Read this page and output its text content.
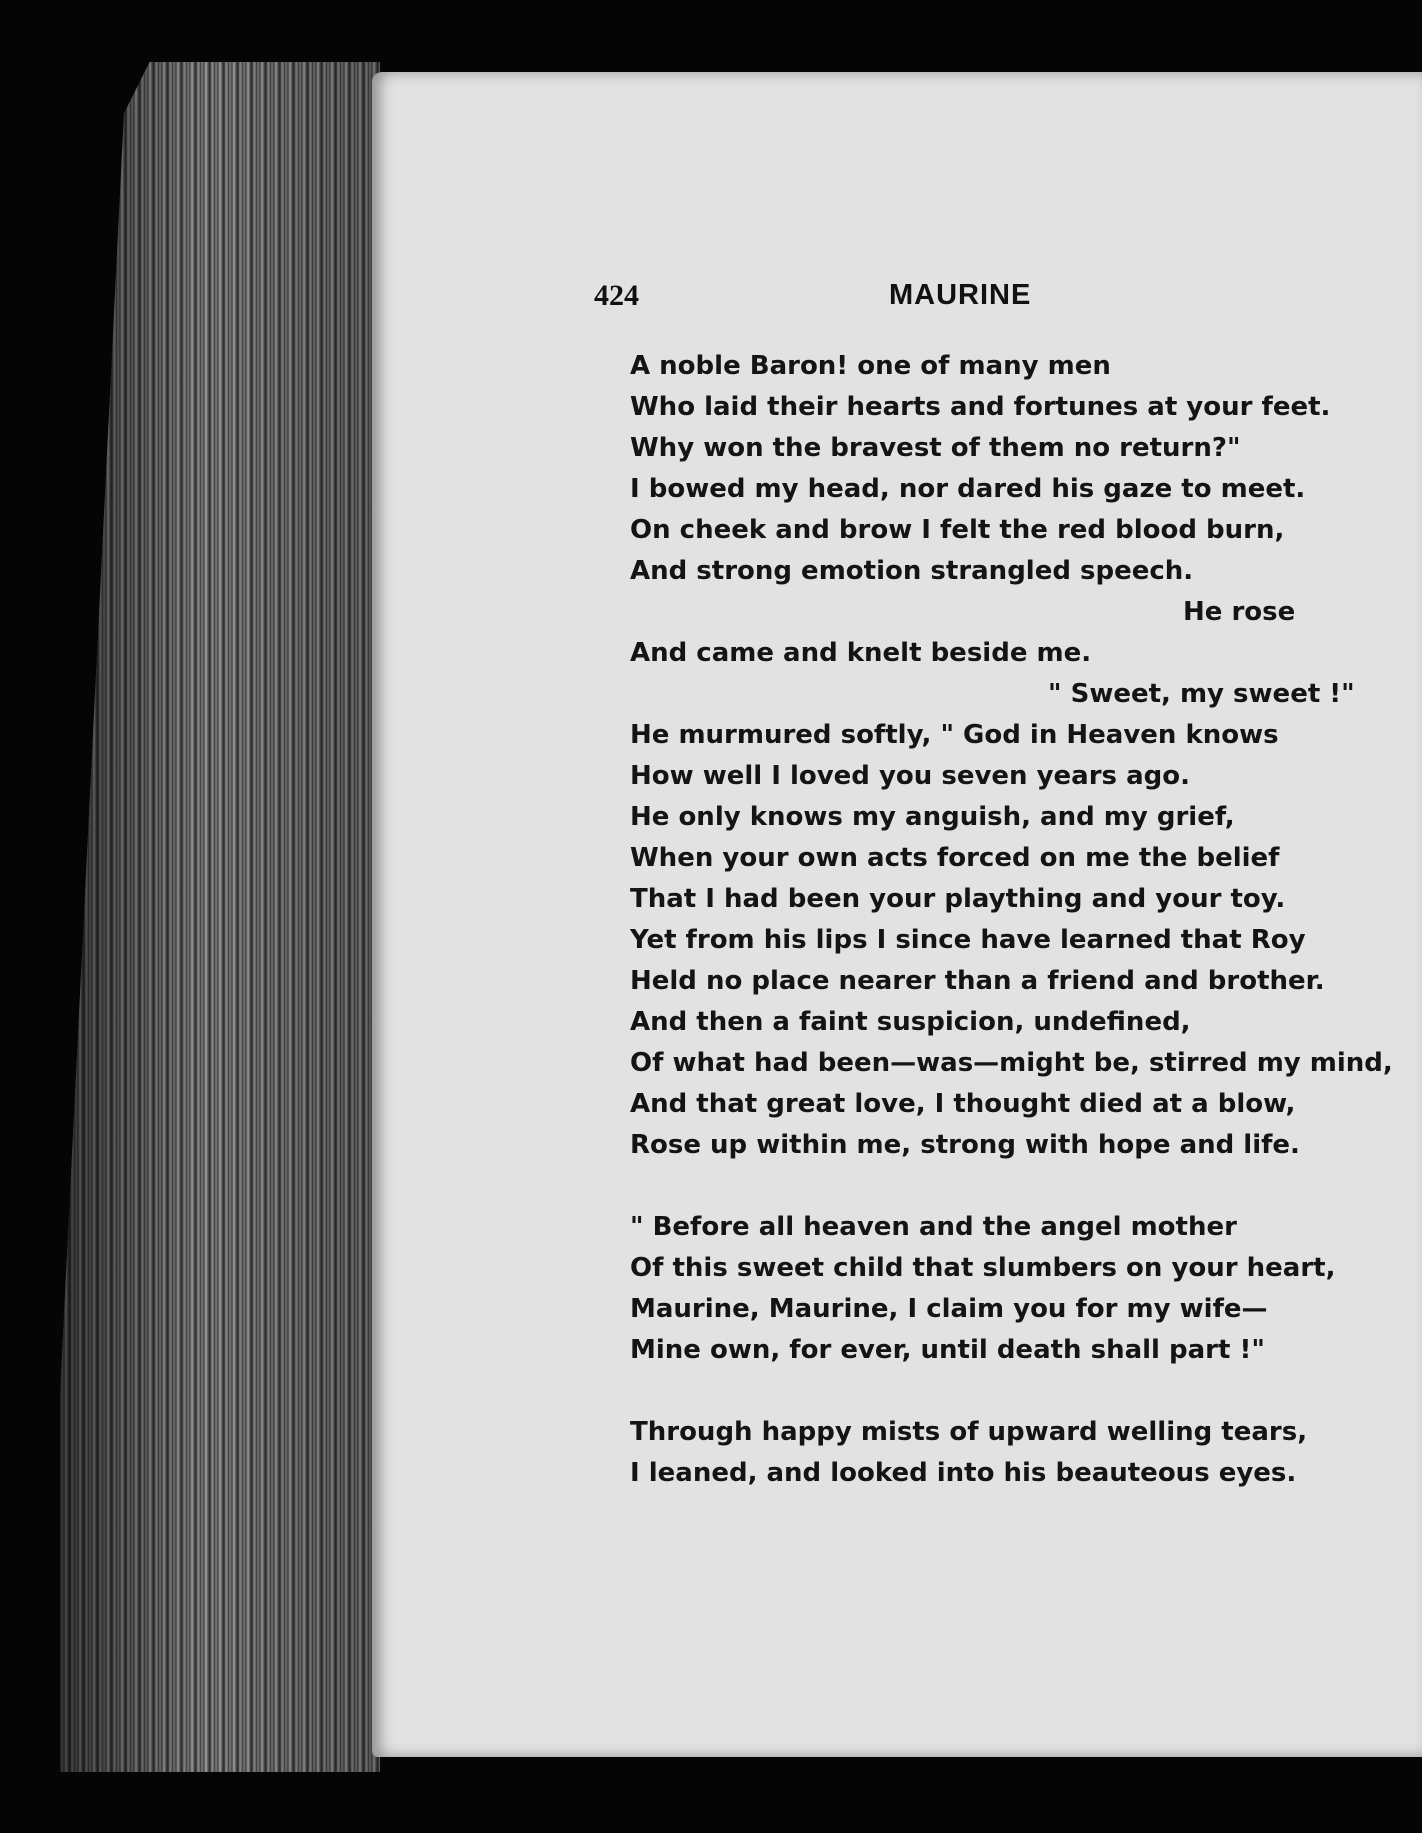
424	MAURINE
A noble Baron! one of many men
Who laid their hearts and fortunes at your feet.
Why won the bravest of them no return?"
I bowed my head, nor dared his gaze to meet.
On cheek and brow I felt the red blood burn,
And strong emotion strangled speech.
He rose
And came and knelt beside me.
" Sweet, my sweet !"
He murmured softly, " God in Heaven knows
How well I loved you seven years ago.
He only knows my anguish, and my grief,
When your own acts forced on me the belief
That I had been your plaything and your toy.
Yet from his lips I since have learned that Roy
Held no place nearer than a friend and brother.
And then a faint suspicion, undefined,
Of what had been—was—might be, stirred my mind,
And that great love, I thought died at a blow,
Rose up within me, strong with hope and life.
" Before all heaven and the angel mother
Of this sweet child that slumbers on your heart,
Maurine, Maurine, I claim you for my wife—
Mine own, for ever, until death shall part !"
Through happy mists of upward welling tears,
I leaned, and looked into his beauteous eyes.
